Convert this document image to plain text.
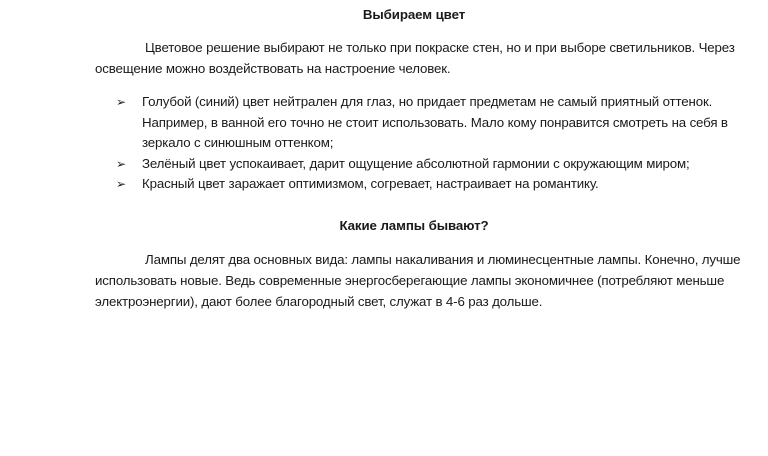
Выбираем цвет
Цветовое решение выбирают не только при покраске стен, но и при выборе светильников. Через освещение можно воздействовать на настроение человек.
➢ Голубой (синий) цвет нейтрален для глаз, но придает предметам не самый приятный оттенок. Например, в ванной его точно не стоит использовать. Мало кому понравится смотреть на себя в зеркало с синюшным оттенком;
➢ Зелёный цвет успокаивает, дарит ощущение абсолютной гармонии с окружающим миром;
➢ Красный цвет заражает оптимизмом, согревает, настраивает на романтику.
Какие лампы бывают?
Лампы делят два основных вида: лампы накаливания и люминесцентные лампы. Конечно, лучше использовать новые. Ведь современные энергосберегающие лампы экономичнее (потребляют меньше электроэнергии), дают более благородный свет, служат в 4-6 раз дольше.
